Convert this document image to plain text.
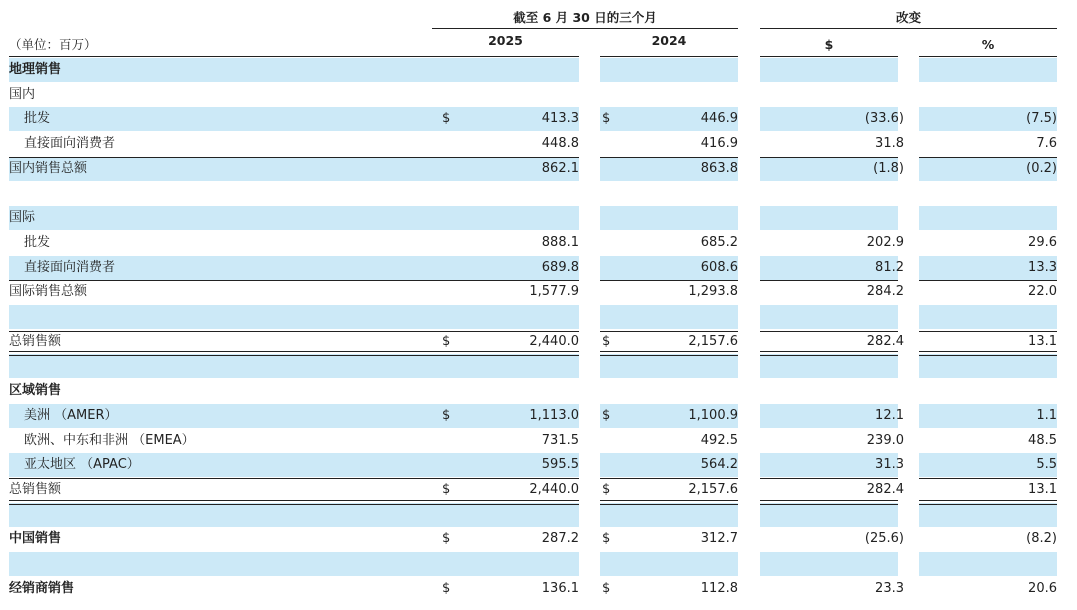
截至 6 月 30 日的三个月	改变
（单位：百万）	2025	2024	$	%
地理销售
国内
批发	$	413.3 $	446.9	(33.6)	(7.5)
直接面向消费者	448.8	416.9	31.8	7.6
国内销售总额	862.1	863.8	(1.8)	(0.2)
国际
批发	888.1	685.2	202.9	29.6
直接面向消费者	689.8	608.6	81.2	13.3
国际销售总额	1,577.9	1,293.8	284.2	22.0
总销售额	$	2,440.0 $	2,157.6	282.4	13.1
区域销售
美洲 （AMER）	$	1,113.0 $	1,100.9	12.1	1.1
欧洲、中东和非洲 （EMEA）	731.5	492.5	239.0	48.5
亚太地区 （APAC）	595.5	564.2	31.3	5.5
总销售额	$	2,440.0 $	2,157.6	282.4	13.1
中国销售	$	287.2 $	312.7	(25.6)	(8.2)
经销商销售	$	136.1 $	112.8	23.3	20.6
